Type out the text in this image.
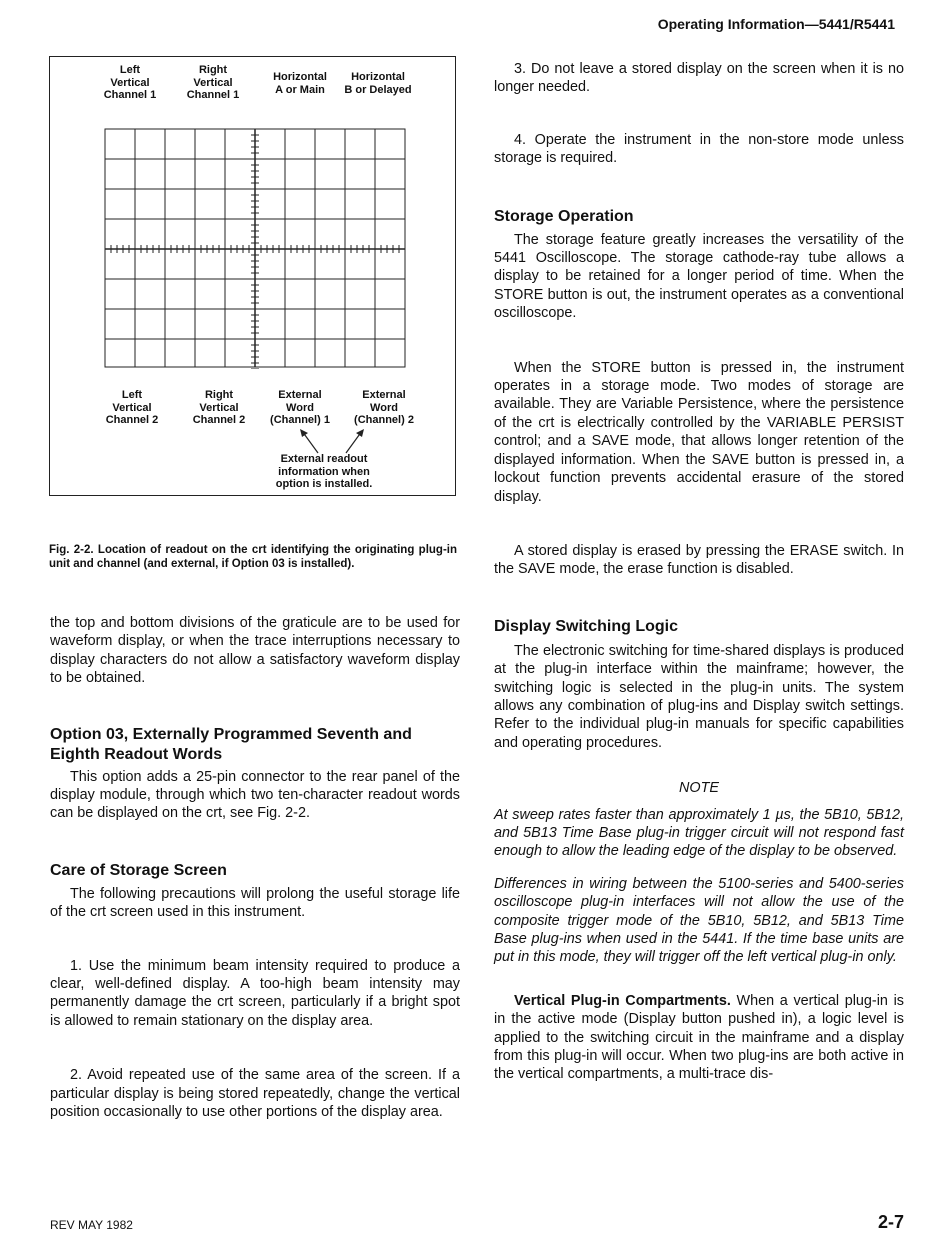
Operating Information—5441/R5441
Left
Vertical
Channel 1
Right
Vertical
Channel 1
Horizontal
A or Main
Horizontal
B or Delayed
Left
Vertical
Channel 2
Right
Vertical
Channel 2
External
Word
(Channel) 1
External
Word
(Channel) 2
External readout
information when
option is installed.
Fig. 2-2. Location of readout on the crt identifying the originating plug-in unit and channel (and external, if Option 03 is installed).

the top and bottom divisions of the graticule are to be used for waveform display, or when the trace interruptions necessary to display characters do not allow a satisfactory waveform display to be obtained.

Option 03, Externally Programmed Seventh and Eighth Readout Words

This option adds a 25-pin connector to the rear panel of the display module, through which two ten-character readout words can be displayed on the crt, see Fig. 2-2.

Care of Storage Screen

The following precautions will prolong the useful storage life of the crt screen used in this instrument.

1. Use the minimum beam intensity required to produce a clear, well-defined display. A too-high beam intensity may permanently damage the crt screen, particularly if a bright spot is allowed to remain stationary on the display area.

2. Avoid repeated use of the same area of the screen. If a particular display is being stored repeatedly, change the vertical position occasionally to use other portions of the display area.

3. Do not leave a stored display on the screen when it is no longer needed.

4. Operate the instrument in the non-store mode unless storage is required.

Storage Operation

The storage feature greatly increases the versatility of the 5441 Oscilloscope. The storage cathode-ray tube allows a display to be retained for a longer period of time. When the STORE button is out, the instrument operates as a conventional oscilloscope.

When the STORE button is pressed in, the instrument operates in a storage mode. Two modes of storage are available. They are Variable Persistence, where the persistence of the crt is electrically controlled by the VARIABLE PERSIST control; and a SAVE mode, that allows longer retention of the displayed information. When the SAVE button is pressed in, a lockout function prevents accidental erasure of the stored display.

A stored display is erased by pressing the ERASE switch. In the SAVE mode, the erase function is disabled.

Display Switching Logic

The electronic switching for time-shared displays is produced at the plug-in interface within the mainframe; however, the switching logic is selected in the plug-in units. The system allows any combination of plug-ins and Display switch settings. Refer to the individual plug-in manuals for specific capabilities and operating procedures.

NOTE

At sweep rates faster than approximately 1 µs, the 5B10, 5B12, and 5B13 Time Base plug-in trigger circuit will not respond fast enough to allow the leading edge of the display to be observed.

Differences in wiring between the 5100-series and 5400-series oscilloscope plug-in interfaces will not allow the use of the composite trigger mode of the 5B10, 5B12, and 5B13 Time Base plug-ins when used in the 5441. If the time base units are put in this mode, they will trigger off the left vertical plug-in only.

Vertical Plug-in Compartments. When a vertical plug-in is in the active mode (Display button pushed in), a logic level is applied to the switching circuit in the mainframe and a display from this plug-in will occur. When two plug-ins are both active in the vertical compartments, a multi-trace dis-

REV MAY 1982	2-7
